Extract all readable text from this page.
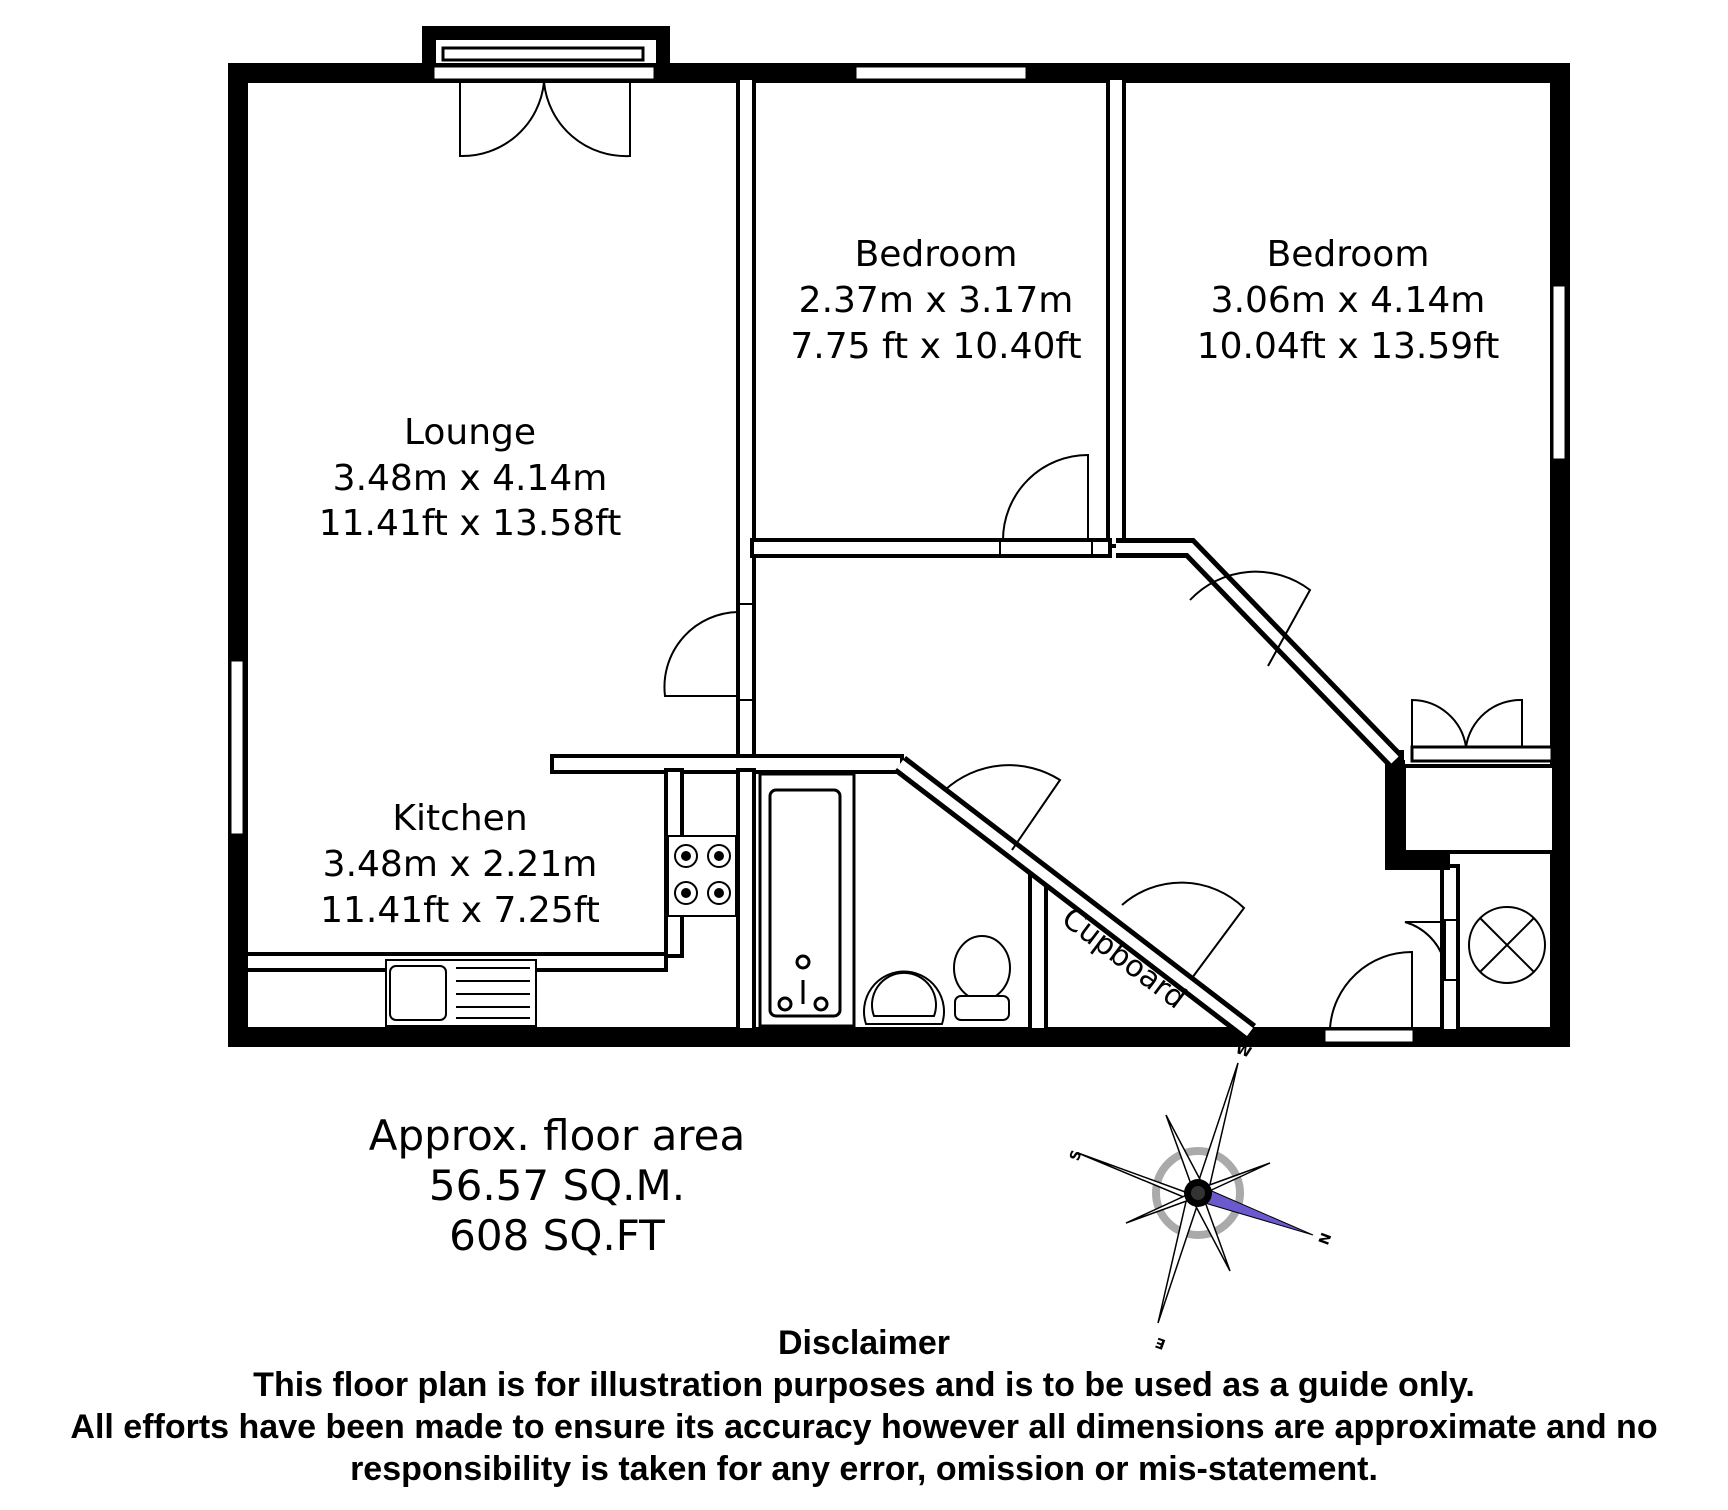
Lounge
3.48m x 4.14m
11.41ft x 13.58ft
Bedroom
2.37m x 3.17m
7.75 ft x 10.40ft
Bedroom
3.06m x 4.14m
10.04ft x 13.59ft
Kitchen
3.48m x 2.21m
11.41ft x 7.25ft	Cupboard
Approx. floor area
56.57 SQ.M.
608 SQ.FT
W
S
E
N
Disclaimer
This floor plan is for illustration purposes and is to be used as a guide only.
All efforts have been made to ensure its accuracy however all dimensions are approximate and no
responsibility is taken for any error, omission or mis-statement.
